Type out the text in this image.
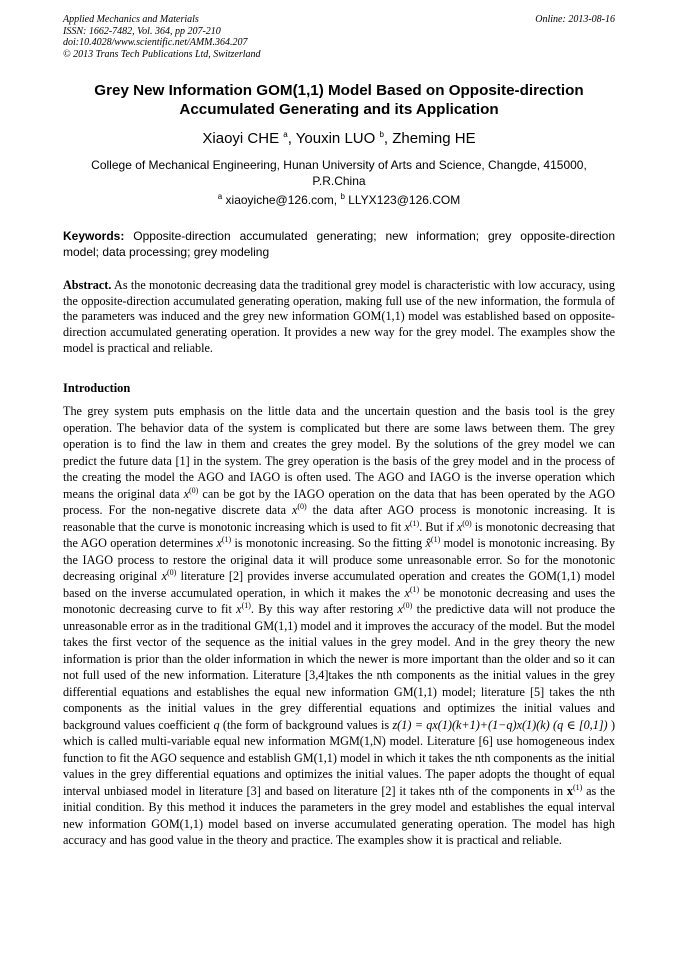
Applied Mechanics and Materials
ISSN: 1662-7482, Vol. 364, pp 207-210
doi:10.4028/www.scientific.net/AMM.364.207
© 2013 Trans Tech Publications Ltd, Switzerland
Online: 2013-08-16
Grey New Information GOM(1,1) Model Based on Opposite-direction Accumulated Generating and its Application
Xiaoyi CHE $^a$, Youxin LUO $^b$, Zheming HE
College of Mechanical Engineering, Hunan University of Arts and Science, Changde, 415000, P.R.China
$^a$ xiaoyiche@126.com, $^b$ LLYX123@126.COM
Keywords: Opposite-direction accumulated generating; new information; grey opposite-direction model; data processing; grey modeling
Abstract. As the monotonic decreasing data the traditional grey model is characteristic with low accuracy, using the opposite-direction accumulated generating operation, making full use of the new information, the formula of the parameters was induced and the grey new information GOM(1,1) model was established based on opposite-direction accumulated generating operation. It provides a new way for the grey model. The examples show the model is practical and reliable.
Introduction
The grey system puts emphasis on the little data and the uncertain question and the basis tool is the grey operation. The behavior data of the system is complicated but there are some laws between them. The grey operation is to find the law in them and creates the grey model. By the solutions of the grey model we can predict the future data [1] in the system. The grey operation is the basis of the grey model and in the process of the creating the model the AGO and IAGO is often used. The AGO and IAGO is the inverse operation which means the original data $x^{(0)}$ can be got by the IAGO operation on the data that has been operated by the AGO process. For the non-negative discrete data $x^{(0)}$ the data after AGO process is monotonic increasing. It is reasonable that the curve is monotonic increasing which is used to fit $x^{(1)}$. But if $x^{(0)}$ is monotonic decreasing that the AGO operation determines $x^{(1)}$ is monotonic increasing. So the fitting x̂$^{(1)}$ model is monotonic increasing. By the IAGO process to restore the original data it will produce some unreasonable error. So for the monotonic decreasing original $x^{(0)}$ literature [2] provides inverse accumulated operation and creates the GOM(1,1) model based on the inverse accumulated operation, in which it makes the $x^{(1)}$ be monotonic decreasing and uses the monotonic decreasing curve to fit $x^{(1)}$. By this way after restoring $x^{(0)}$ the predictive data will not produce the unreasonable error as in the traditional GM(1,1) model and it improves the accuracy of the model. But the model takes the first vector of the sequence as the initial values in the grey model. And in the grey theory the new information is prior than the older information in which the newer is more important than the older and so it can not full used of the new information. Literature [3,4]takes the nth components as the initial values in the grey differential equations and establishes the equal new information GM(1,1) model; literature [5] takes the nth components as the initial values in the grey differential equations and optimizes the initial values and background values coefficient q (the form of background values is z(1) = qx(1)(k+1)+(1−q)x(1)(k) (q ∈ [0,1]) ) which is called multi-variable equal new information MGM(1,N) model. Literature [6] use homogeneous index function to fit the AGO sequence and establish GM(1,1) model in which it takes the nth components as the initial values in the grey differential equations and optimizes the initial values. The paper adopts the thought of equal interval unbiased model in literature [3] and based on literature [2] it takes nth of the components in $x^{(1)}$ as the initial condition. By this method it induces the parameters in the grey model and establishes the equal interval new information GOM(1,1) model based on inverse accumulated generating operation. The model has high accuracy and has good value in the theory and practice. The examples show it is practical and reliable.
